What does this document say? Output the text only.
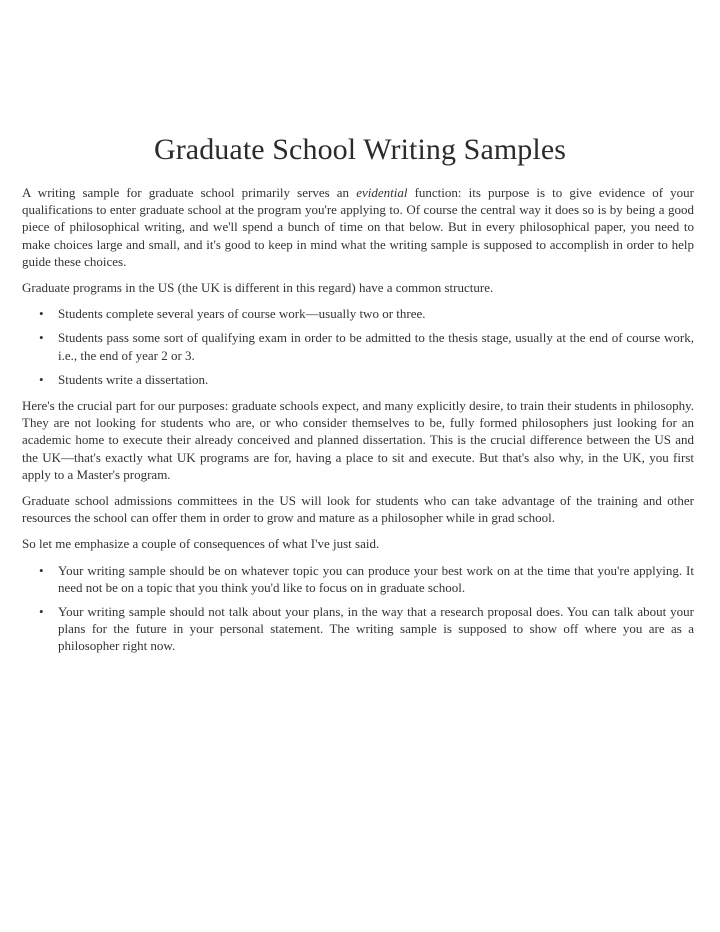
Graduate School Writing Samples

A writing sample for graduate school primarily serves an evidential function: its purpose is to give evidence of your qualifications to enter graduate school at the program you're applying to. Of course the central way it does so is by being a good piece of philosophical writing, and we'll spend a bunch of time on that below. But in every philosophical paper, you need to make choices large and small, and it's good to keep in mind what the writing sample is supposed to accomplish in order to help guide these choices.

Graduate programs in the US (the UK is different in this regard) have a common structure.

• Students complete several years of course work—usually two or three.
• Students pass some sort of qualifying exam in order to be admitted to the thesis stage, usually at the end of course work, i.e., the end of year 2 or 3.
• Students write a dissertation.

Here's the crucial part for our purposes: graduate schools expect, and many explicitly desire, to train their students in philosophy. They are not looking for students who are, or who consider themselves to be, fully formed philosophers just looking for an academic home to execute their already conceived and planned dissertation. This is the crucial difference between the US and the UK—that's exactly what UK programs are for, having a place to sit and execute. But that's also why, in the UK, you first apply to a Master's program.

Graduate school admissions committees in the US will look for students who can take advantage of the training and other resources the school can offer them in order to grow and mature as a philosopher while in grad school.

So let me emphasize a couple of consequences of what I've just said.

• Your writing sample should be on whatever topic you can produce your best work on at the time that you're applying. It need not be on a topic that you think you'd like to focus on in graduate school.
• Your writing sample should not talk about your plans, in the way that a research proposal does. You can talk about your plans for the future in your personal statement. The writing sample is supposed to show off where you are as a philosopher right now.
